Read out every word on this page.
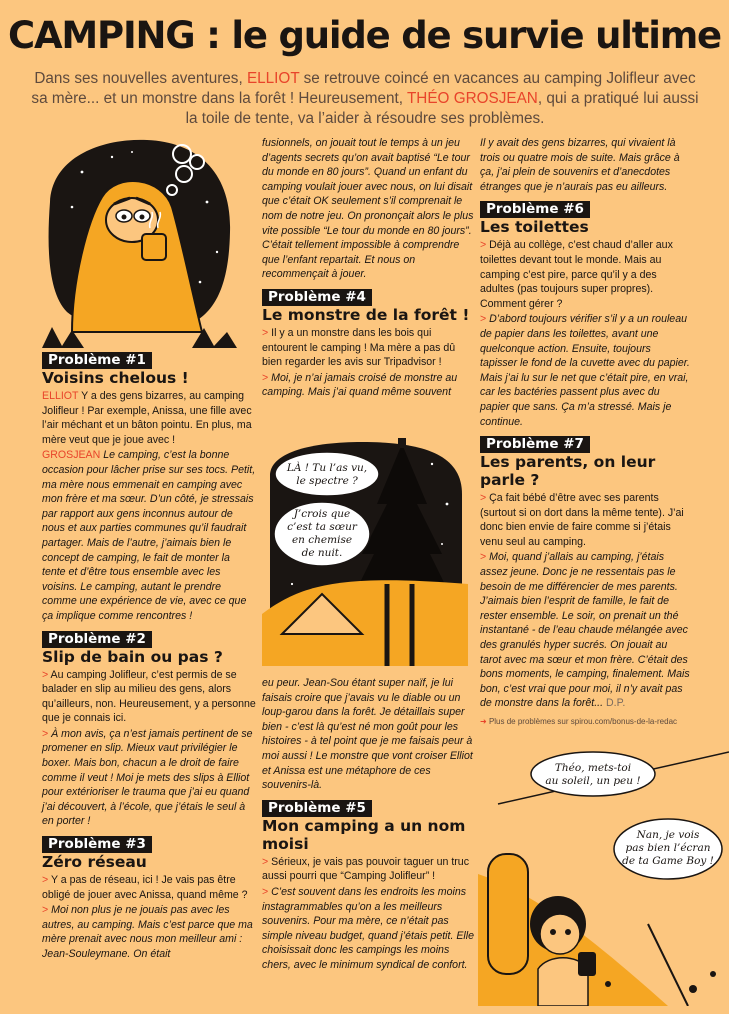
CAMPING : le guide de survie ultime

Dans ses nouvelles aventures, ELLIOT se retrouve coincé en vacances au camping Jolifleur avec sa mère... et un monstre dans la forêt ! Heureusement, THÉO GROSJEAN, qui a pratiqué lui aussi la toile de tente, va l’aider à résoudre ses problèmes.

Problème #1
Voisins chelous !

ELLIOT Y a des gens bizarres, au camping Jolifleur ! Par exemple, Anissa, une fille avec l’air méchant et un bâton pointu. En plus, ma mère veut que je joue avec !

GROSJEAN Le camping, c’est la bonne occasion pour lâcher prise sur ses tocs. Petit, ma mère nous emmenait en camping avec mon frère et ma sœur. D’un côté, je stressais par rapport aux gens inconnus autour de nous et aux parties communes qu’il faudrait partager. Mais de l’autre, j’aimais bien le concept de camping, le fait de monter la tente et d’être tous ensemble avec les voisins. Le camping, autant le prendre comme une expérience de vie, avec ce que ça implique comme rencontres !

Problème #2
Slip de bain ou pas ?

> Au camping Jolifleur, c’est permis de se balader en slip au milieu des gens, alors qu’ailleurs, non. Heureusement, y a personne que je connais ici.

> À mon avis, ça n’est jamais pertinent de se promener en slip. Mieux vaut privilégier le boxer. Mais bon, chacun a le droit de faire comme il veut ! Moi je mets des slips à Elliot pour extérioriser le trauma que j’ai eu quand j’ai découvert, à l’école, que j’étais le seul à en porter !

Problème #3
Zéro réseau

> Y a pas de réseau, ici ! Je vais pas être obligé de jouer avec Anissa, quand même ?

> Moi non plus je ne jouais pas avec les autres, au camping. Mais c’est parce que ma mère prenait avec nous mon meilleur ami : Jean-Souleymane. On était

fusionnels, on jouait tout le temps à un jeu d’agents secrets qu’on avait baptisé “Le tour du monde en 80 jours”. Quand un enfant du camping voulait jouer avec nous, on lui disait que c’était OK seulement s’il comprenait le nom de notre jeu. On prononçait alors le plus vite possible “Le tour du monde en 80 jours”. C’était tellement impossible à comprendre que l’enfant repartait. Et nous on recommençait à jouer.

Problème #4
Le monstre de la forêt !

> Il y a un monstre dans les bois qui entourent le camping ! Ma mère a pas dû bien regarder les avis sur Tripadvisor !

> Moi, je n’ai jamais croisé de monstre au camping. Mais j’ai quand même souvent

LÀ ! Tu l’as vu,
le spectre ?
J’crois que
c’est ta sœur
en chemise
de nuit.

eu peur. Jean-Sou étant super naïf, je lui faisais croire que j’avais vu le diable ou un loup-garou dans la forêt. Je détaillais super bien - c’est là qu’est né mon goût pour les histoires - à tel point que je me faisais peur à moi aussi ! Le monstre que vont croiser Elliot et Anissa est une métaphore de ces souvenirs-là.

Problème #5
Mon camping a un nom moisi

> Sérieux, je vais pas pouvoir taguer un truc aussi pourri que “Camping Jolifleur” !

> C’est souvent dans les endroits les moins instagrammables qu’on a les meilleurs souvenirs. Pour ma mère, ce n’était pas simple niveau budget, quand j’étais petit. Elle choisissait donc les campings les moins chers, avec le minimum syndical de confort.

Il y avait des gens bizarres, qui vivaient là trois ou quatre mois de suite. Mais grâce à ça, j’ai plein de souvenirs et d’anecdotes étranges que je n’aurais pas eu ailleurs.

Problème #6
Les toilettes

> Déjà au collège, c’est chaud d’aller aux toilettes devant tout le monde. Mais au camping c’est pire, parce qu’il y a des adultes (pas toujours super propres). Comment gérer ?

> D’abord toujours vérifier s’il y a un rouleau de papier dans les toilettes, avant une quelconque action. Ensuite, toujours tapisser le fond de la cuvette avec du papier. Mais j’ai lu sur le net que c’était pire, en vrai, car les bactéries passent plus avec du papier que sans. Ça m’a stressé. Mais je continue.

Problème #7
Les parents, on leur parle ?

> Ça fait bébé d’être avec ses parents (surtout si on dort dans la même tente). J’ai donc bien envie de faire comme si j’étais venu seul au camping.

> Moi, quand j’allais au camping, j’étais assez jeune. Donc je ne ressentais pas le besoin de me différencier de mes parents. J’aimais bien l’esprit de famille, le fait de rester ensemble. Le soir, on prenait un thé instantané - de l’eau chaude mélangée avec des granulés hyper sucrés. On jouait au tarot avec ma sœur et mon frère. C’était des bons moments, le camping, finalement. Mais bon, c’est vrai que pour moi, il n’y avait pas de monstre dans la forêt... D.P.

➜ Plus de problèmes sur spirou.com/bonus-de-la-redac

Théo, mets-toi
au soleil, un peu !
Nan, je vois
pas bien l’écran
de ta Game Boy !
